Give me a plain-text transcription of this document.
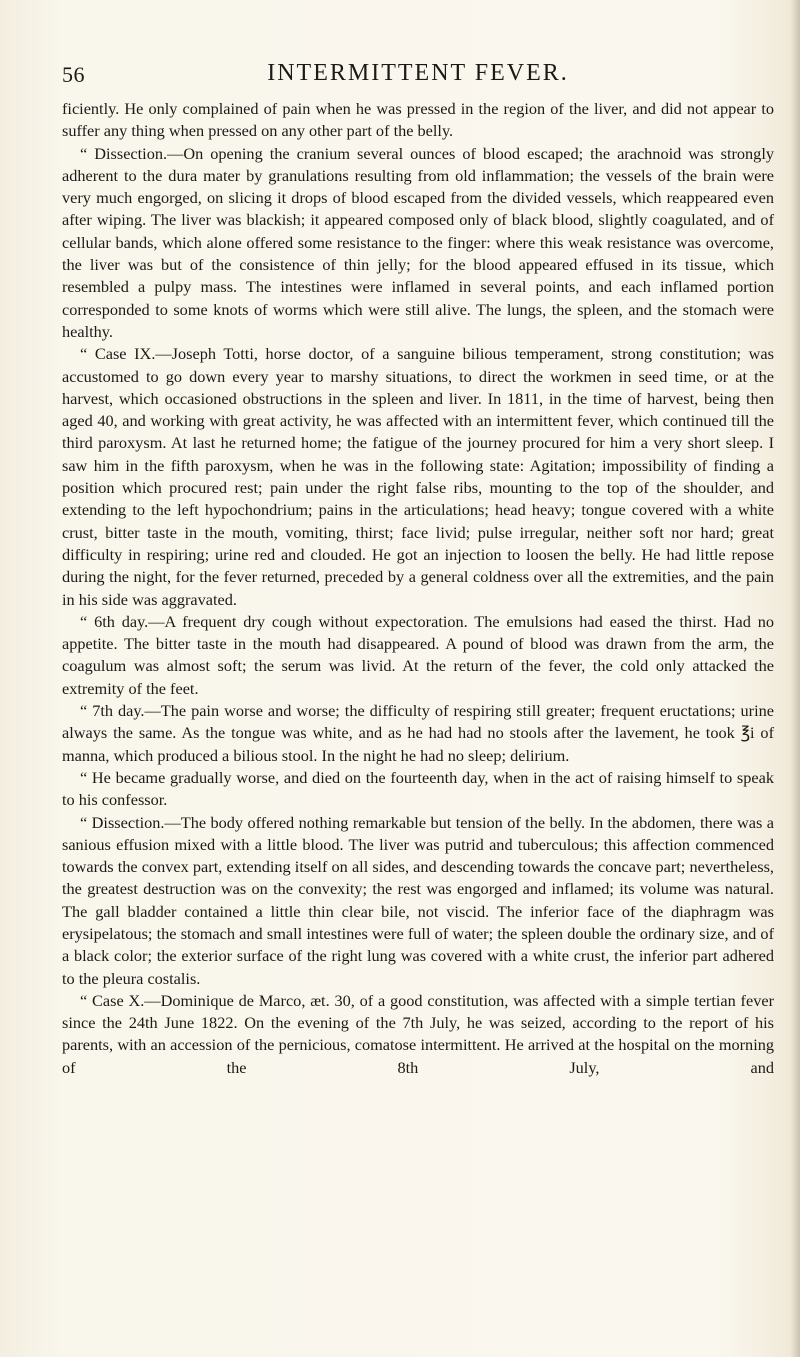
56	INTERMITTENT FEVER.

ficiently. He only complained of pain when he was pressed in the region of the liver, and did not appear to suffer any thing when pressed on any other part of the belly.

“ Dissection.—On opening the cranium several ounces of blood escaped; the arachnoid was strongly adherent to the dura mater by granulations resulting from old inflammation; the vessels of the brain were very much engorged, on slicing it drops of blood escaped from the divided vessels, which reappeared even after wiping. The liver was blackish; it appeared composed only of black blood, slightly coagulated, and of cellular bands, which alone offered some resistance to the finger: where this weak resistance was overcome, the liver was but of the consistence of thin jelly; for the blood appeared effused in its tissue, which resembled a pulpy mass. The intestines were inflamed in several points, and each inflamed portion corresponded to some knots of worms which were still alive. The lungs, the spleen, and the stomach were healthy.

“ Case IX.—Joseph Totti, horse doctor, of a sanguine bilious temperament, strong constitution; was accustomed to go down every year to marshy situations, to direct the workmen in seed time, or at the harvest, which occasioned obstructions in the spleen and liver. In 1811, in the time of harvest, being then aged 40, and working with great activity, he was affected with an intermittent fever, which continued till the third paroxysm. At last he returned home; the fatigue of the journey procured for him a very short sleep. I saw him in the fifth paroxysm, when he was in the following state: Agitation; impossibility of finding a position which procured rest; pain under the right false ribs, mounting to the top of the shoulder, and extending to the left hypochondrium; pains in the articulations; head heavy; tongue covered with a white crust, bitter taste in the mouth, vomiting, thirst; face livid; pulse irregular, neither soft nor hard; great difficulty in respiring; urine red and clouded. He got an injection to loosen the belly. He had little repose during the night, for the fever returned, preceded by a general coldness over all the extremities, and the pain in his side was aggravated.

“ 6th day.—A frequent dry cough without expectoration. The emulsions had eased the thirst. Had no appetite. The bitter taste in the mouth had disappeared. A pound of blood was drawn from the arm, the coagulum was almost soft; the serum was livid. At the return of the fever, the cold only attacked the extremity of the feet.

“ 7th day.—The pain worse and worse; the difficulty of respiring still greater; frequent eructations; urine always the same. As the tongue was white, and as he had had no stools after the lavement, he took ℥i of manna, which produced a bilious stool. In the night he had no sleep; delirium.

“ He became gradually worse, and died on the fourteenth day, when in the act of raising himself to speak to his confessor.

“ Dissection.—The body offered nothing remarkable but tension of the belly. In the abdomen, there was a sanious effusion mixed with a little blood. The liver was putrid and tuberculous; this affection commenced towards the convex part, extending itself on all sides, and descending towards the concave part; nevertheless, the greatest destruction was on the convexity; the rest was engorged and inflamed; its volume was natural. The gall bladder contained a little thin clear bile, not viscid. The inferior face of the diaphragm was erysipelatous; the stomach and small intestines were full of water; the spleen double the ordinary size, and of a black color; the exterior surface of the right lung was covered with a white crust, the inferior part adhered to the pleura costalis.

“ Case X.—Dominique de Marco, æt. 30, of a good constitution, was affected with a simple tertian fever since the 24th June 1822. On the evening of the 7th July, he was seized, according to the report of his parents, with an accession of the pernicious, comatose intermittent. He arrived at the hospital on the morning of the 8th July, and
